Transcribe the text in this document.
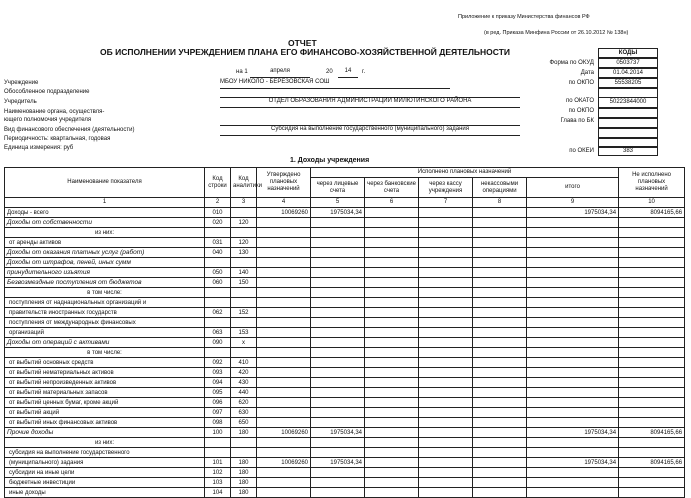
Приложение к приказу Министерства финансов РФ
(в ред. Приказа Минфина России от 26.10.2012 № 138н)
ОТЧЕТ
ОБ ИСПОЛНЕНИИ УЧРЕЖДЕНИЕМ ПЛАНА ЕГО ФИНАНСОВО-ХОЗЯЙСТВЕННОЙ ДЕЯТЕЛЬНОСТИ
на 1	апреля	20	14	г.
КОДЫ
Форма по ОКУД	0503737
Дата	01.04.2014
по ОКПО	55538205
по ОКПО
по ОКАТО	50223844000
Глава по БК
по ОКЕИ	383
Учреждение	МБОУ НИКОЛО - БЕРЕЗОВСКАЯ СОШ
Обособленное подразделение
Учредитель	ОТДЕЛ ОБРАЗОВАНИЯ АДМИНИСТРАЦИИ МИЛЮТИНСКОГО РАЙОНА
Наименование органа, осуществля-
ющего полномочия учредителя
Вид финансового обеспечения (деятельности)	Субсидия на выполнение государственного (муниципального) задания
Периодичность: квартальная, годовая
Единица измерения: руб
1. Доходы учреждения
Наименование показателя	Код строки	Код аналитики	Утверждено плановых назначений	Исполнено плановых назначений					Не исполнено плановых назначений
				через лицевые счета	через банковские счета	через кассу учреждения	некассовыми операциями	итого	
1	2	3	4	5	6	7	8	9	10
Доходы - всего	010		10069260	1975034,34				1975034,34	8094165,66
Доходы от собственности	020	120							
из них:									
от аренды активов	031	120							
Доходы от оказания платных услуг (работ)	040	130							
Доходы от штрафов, пеней, иных сумм									
принудительного изъятия	050	140							
Безвозмездные поступления от бюджетов	060	150							
в том числе:									
поступления от наднациональных организаций и									
правительств иностранных государств	062	152							
поступления от международных финансовых									
организаций	063	153							
Доходы от операций с активами	090	х							
в том числе:									
от выбытий основных средств	092	410							
от выбытий нематериальных активов	093	420							
от выбытий непроизведенных активов	094	430							
от выбытий материальных запасов	095	440							
от выбытий ценных бумаг, кроме акций	096	620							
от выбытий акций	097	630							
от выбытий иных финансовых активов	098	650							
Прочие доходы	100	180	10069260	1975034,34				1975034,34	8094165,66
из них:									
субсидия на выполнение государственного									
(муниципального) задания	101	180	10069260	1975034,34				1975034,34	8094165,66
субсидии на иные цели	102	180							
бюджетные инвестиции	103	180							
иные доходы	104	180							
